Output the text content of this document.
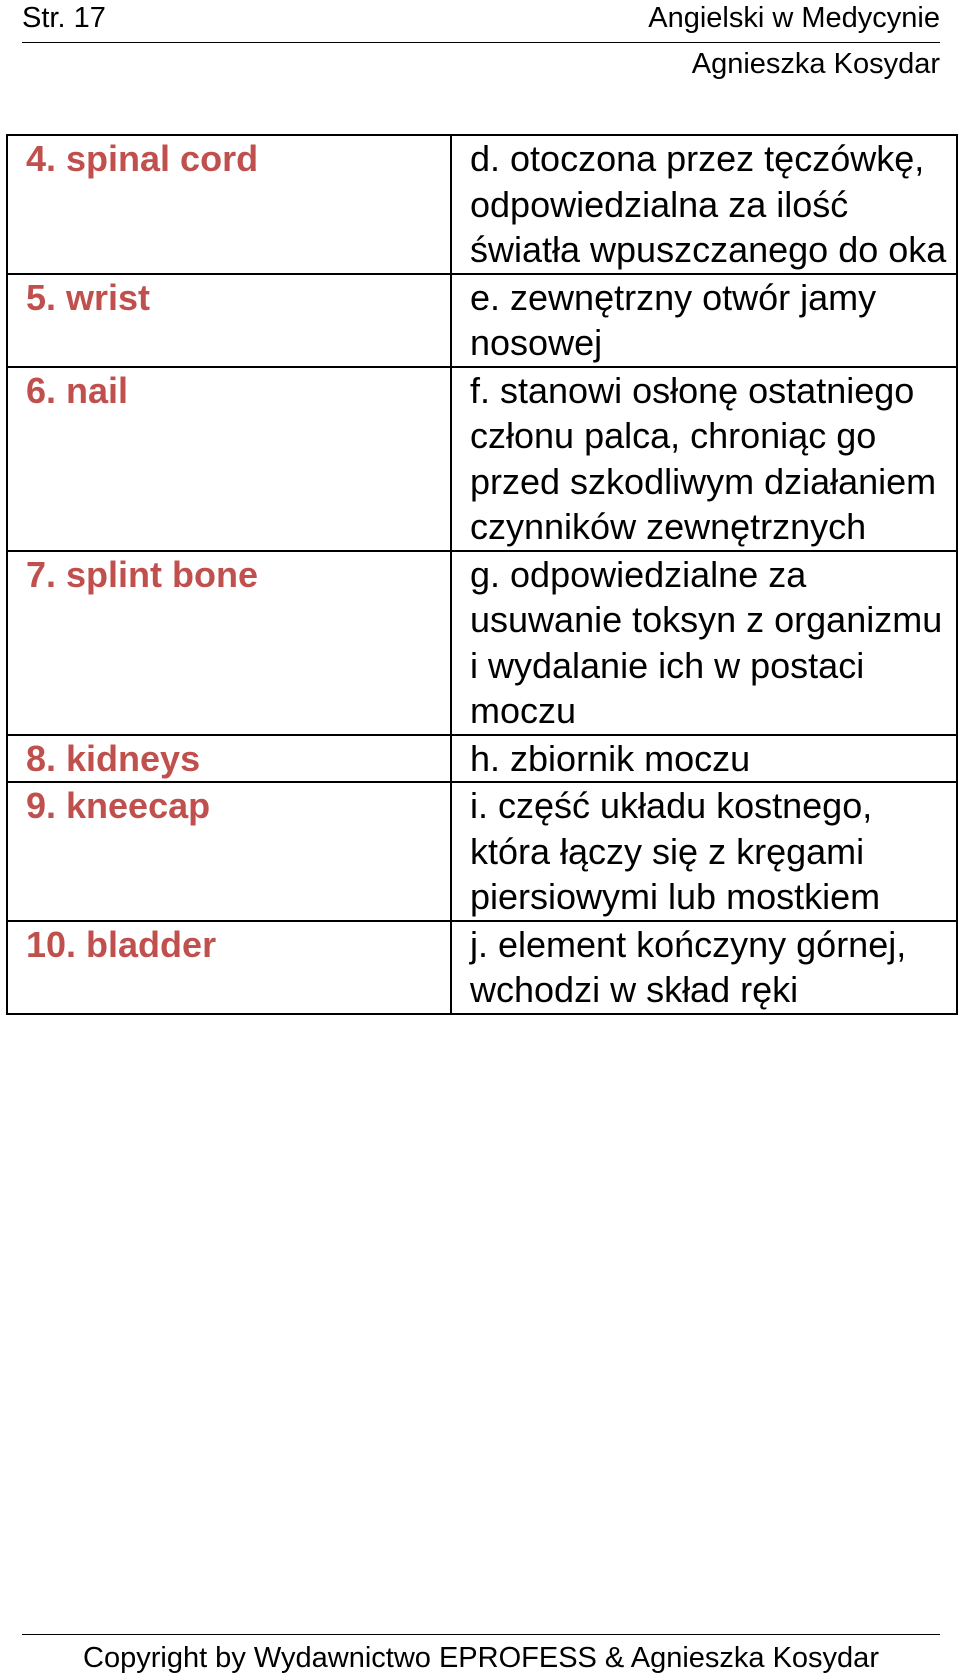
Str. 17	Angielski w Medycynie
Agnieszka Kosydar
4. spinal cord	d. otoczona przez tęczówkę, odpowiedzialna za ilość światła wpuszczanego do oka
5. wrist	e. zewnętrzny otwór jamy nosowej
6. nail	f. stanowi osłonę ostatniego członu palca, chroniąc go przed szkodliwym działaniem czynników zewnętrznych
7. splint bone	g. odpowiedzialne za usuwanie toksyn z organizmu i wydalanie ich w postaci moczu
8. kidneys	h. zbiornik moczu
9. kneecap	i. część układu kostnego, która łączy się z kręgami piersiowymi lub mostkiem
10. bladder	j. element kończyny górnej, wchodzi w skład ręki
Copyright by Wydawnictwo EPROFESS & Agnieszka Kosydar
